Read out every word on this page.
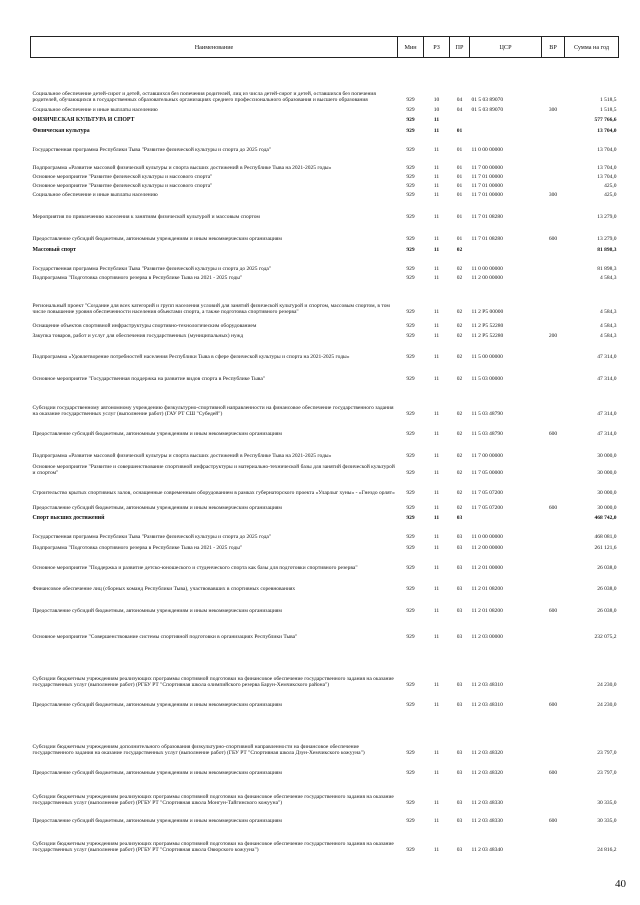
Наименование	Мин	РЗ	ПР	ЦСР	ВР	Сумма на год
Социальное обеспечение детей-сирот и детей, оставшихся без попечения родителей, лиц из числа детей-сирот и детей, оставшихся без попечения родителей, обучающихся в государственных образовательных организациях среднего профессионального образования и высшего образования	929	10	04	01 5 03 89070		1 518,5
Социальное обеспечение и иные выплаты населению	929	10	04	01 5 03 89070	300	1 518,5
ФИЗИЧЕСКАЯ КУЛЬТУРА И СПОРТ	929	11				577 766,6
Физическая культура	929	11	01			13 704,0
Государственная программа Республики Тыва "Развитие физической культуры и спорта до 2025 года"	929	11	01	11 0 00 00000		13 704,0
Подпрограмма «Развитие массовой физической культуры и спорта высших достижений в Республике Тыва на 2021-2025 годы»	929	11	01	11 7 00 00000		13 704,0
Основное мероприятие "Развитие физической культуры и массового спорта"	929	11	01	11 7 01 00000		13 704,0
Основное мероприятие "Развитие физической культуры и массового спорта"	929	11	01	11 7 01 00000		425,0
Социальное обеспечение и иные выплаты населению	929	11	01	11 7 01 00000	300	425,0
Мероприятия по привлечению населения к занятиям физической культурой и массовым спортом	929	11	01	11 7 01 08280		13 279,0
Предоставление субсидий бюджетным, автономным учреждениям и иным некоммерческим организациям	929	11	01	11 7 01 08280	600	13 279,0
Массовый спорт	929	11	02			81 898,3
Государственная программа Республики Тыва "Развитие физической культуры и спорта до 2025 года"	929	11	02	11 0 00 00000		81 898,3
Подпрограмма "Подготовка спортивного резерва в Республике Тыва на 2021 - 2025 годы"	929	11	02	11 2 00 00000		4 584,3
Региональный проект "Создание для всех категорий и групп населения условий для занятий физической культурой и спортом, массовым спортом, в том числе повышение уровня обеспеченности населения объектами спорта, а также подготовка спортивного резерва"	929	11	02	11 2 P5 00000		4 584,3
Оснащение объектов спортивной инфраструктуры спортивно-технологическим оборудованием	929	11	02	11 2 P5 52280		4 584,3
Закупка товаров, работ и услуг для обеспечения государственных (муниципальных) нужд	929	11	02	11 2 P5 52280	200	4 584,3
Подпрограмма «Удовлетворение потребностей населения Республики Тыва в сфере физической культуры и спорта на 2021-2025 годы»	929	11	02	11 5 00 00000		47 314,0
Основное мероприятие "Государственная поддержка на развитие видов спорта в Республике Тыва"	929	11	02	11 5 03 00000		47 314,0
Субсидии государственному автономному учреждению физкультурно-спортивной направленности на финансовое обеспечение государственного задания на оказание государственных услуг (выполнение работ) (ГАУ РТ СШ "Субедей")	929	11	02	11 5 03 48790		47 314,0
Предоставление субсидий бюджетным, автономным учреждениям и иным некоммерческим организациям	929	11	02	11 5 03 48790	600	47 314,0
Подпрограмма «Развитие массовой физической культуры и спорта высших достижений в Республике Тыва на 2021-2025 годы»	929	11	02	11 7 00 00000		30 000,0
Основное мероприятие "Развитие и совершенствование спортивной инфраструктуры и материально-технической базы для занятий физической культурой и спортом"	929	11	02	11 7 05 00000		30 000,0
Строительство крытых спортивных залов, оснащенные современным оборудованием в рамках губернаторского проекта «Уларлыг хуны» - «Гнездо орлят»	929	11	02	11 7 05 07200		30 000,0
Предоставление субсидий бюджетным, автономным учреждениям и иным некоммерческим организациям	929	11	02	11 7 05 07200	600	30 000,0
Спорт высших достижений	929	11	03			468 742,0
Государственная программа Республики Тыва "Развитие физической культуры и спорта до 2025 года"	929	11	03	11 0 00 00000		468 081,0
Подпрограмма "Подготовка спортивного резерва в Республике Тыва на 2021 - 2025 годы"	929	11	03	11 2 00 00000		261 121,6
Основное мероприятие "Поддержка и развитие детско-юношеского и студенческого спорта как базы для подготовки спортивного резерва"	929	11	03	11 2 01 00000		26 038,0
Финансовое обеспечение лиц (сборных команд Республики Тыва), участвовавших в спортивных соревнованиях	929	11	03	11 2 01 08200		26 038,0
Предоставление субсидий бюджетным, автономным учреждениям и иным некоммерческим организациям	929	11	03	11 2 01 08200	600	26 038,0
Основное мероприятие "Совершенствование системы спортивной подготовки в организациях Республики Тыва"	929	11	03	11 2 03 00000		232 075,2
Субсидии бюджетным учреждениям реализующих программы спортивной подготовки на финансовое обеспечение государственного задания на оказание государственных услуг (выполнение работ) (РГБУ РТ "Спортивная школа олимпийского резерва Барун-Хемчикского района")	929	11	03	11 2 03 48310		24 230,0
Предоставление субсидий бюджетным, автономным учреждениям и иным некоммерческим организациям	929	11	03	11 2 03 48310	600	24 230,0
Субсидии бюджетным учреждениям дополнительного образования физкультурно-спортивной направленности на финансовое обеспечение государственного задания на оказание государственных услуг (выполнение работ) (ГБУ РТ "Спортивная школа Дзун-Хемчикского кожууна")	929	11	03	11 2 03 48320		23 797,0
Предоставление субсидий бюджетным, автономным учреждениям и иным некоммерческим организациям	929	11	03	11 2 03 48320	600	23 797,0
Субсидии бюджетным учреждениям реализующих программы спортивной подготовки на финансовое обеспечение государственного задания на оказание государственных услуг (выполнение работ) (РГБУ РТ "Спортивная школа Монгун-Тайгинского кожууна")	929	11	03	11 2 03 48330		30 335,0
Предоставление субсидий бюджетным, автономным учреждениям и иным некоммерческим организациям	929	11	03	11 2 03 48330	600	30 335,0
Субсидии бюджетным учреждениям реализующих программы спортивной подготовки на финансовое обеспечение государственного задания на оказание государственных услуг (выполнение работ) (РГБУ РТ "Спортивная школа Овюрского кожууна")	929	11	03	11 2 03 48340		24 816,2
40
